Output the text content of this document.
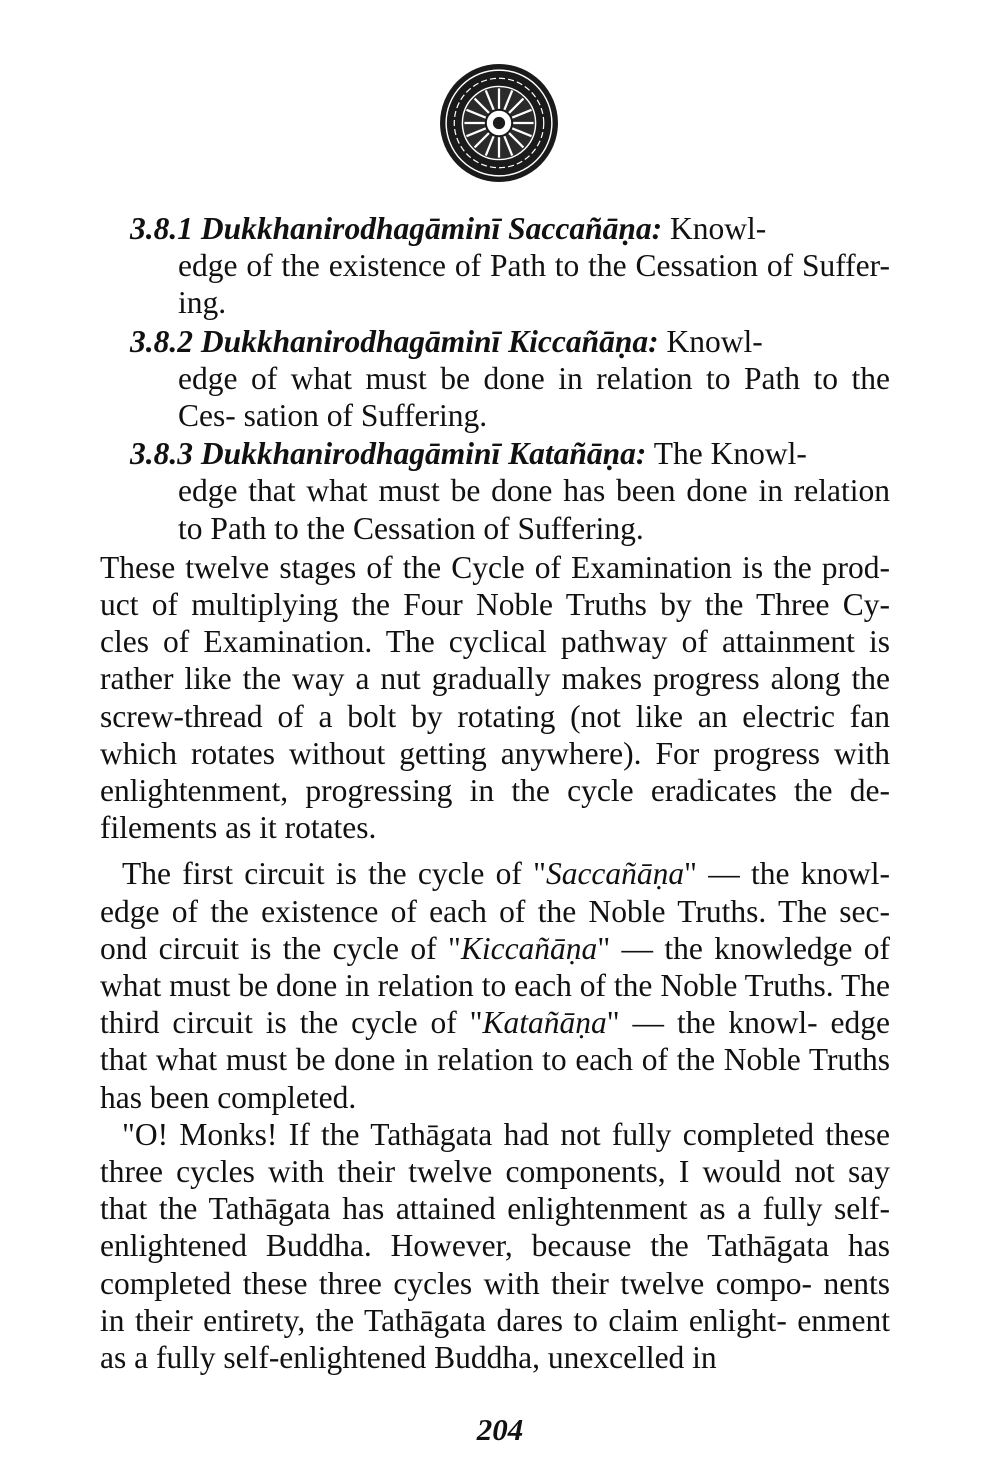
3.8.1 Dukkhanirodhagāminī Saccañāṇa: Knowl-
edge of the existence of Path to the Cessation of Suffer- ing.

3.8.2 Dukkhanirodhagāminī Kiccañāṇa: Knowl-
edge of what must be done in relation to Path to the Ces- sation of Suffering.

3.8.3 Dukkhanirodhagāminī Katañāṇa: The Knowl-
edge that what must be done has been done in relation to Path to the Cessation of Suffering.

These twelve stages of the Cycle of Examination is the prod- uct of multiplying the Four Noble Truths by the Three Cy- cles of Examination. The cyclical pathway of attainment is rather like the way a nut gradually makes progress along the screw-thread of a bolt by rotating (not like an electric fan which rotates without getting anywhere). For progress with enlightenment, progressing in the cycle eradicates the de- filements as it rotates.

The first circuit is the cycle of "Saccañāṇa" — the knowl- edge of the existence of each of the Noble Truths. The sec- ond circuit is the cycle of "Kiccañāṇa" — the knowledge of what must be done in relation to each of the Noble Truths. The third circuit is the cycle of "Katañāṇa" — the knowl- edge that what must be done in relation to each of the Noble Truths has been completed.

"O! Monks! If the Tathāgata had not fully completed these three cycles with their twelve components, I would not say that the Tathāgata has attained enlightenment as a fully self-enlightened Buddha. However, because the Tathāgata has completed these three cycles with their twelve compo- nents in their entirety, the Tathāgata dares to claim enlight- enment as a fully self-enlightened Buddha, unexcelled in

204
